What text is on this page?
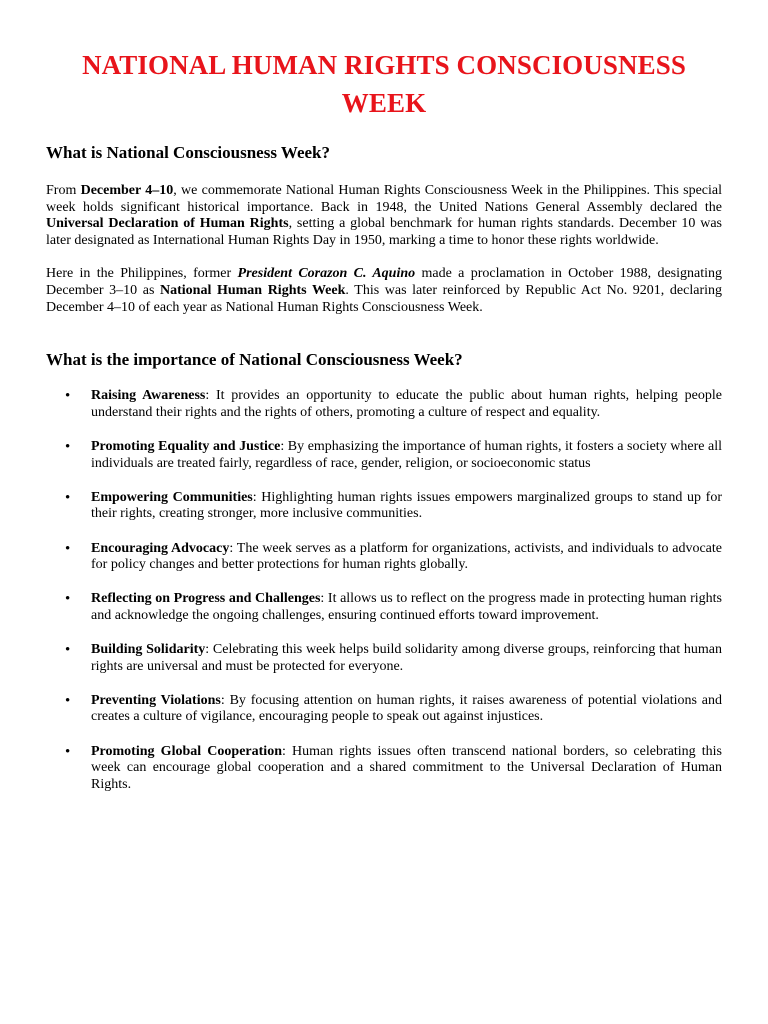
NATIONAL HUMAN RIGHTS CONSCIOUSNESS WEEK
What is National Consciousness Week?

From December 4–10, we commemorate National Human Rights Consciousness Week in the Philippines. This special week holds significant historical importance. Back in 1948, the United Nations General Assembly declared the Universal Declaration of Human Rights, setting a global benchmark for human rights standards. December 10 was later designated as International Human Rights Day in 1950, marking a time to honor these rights worldwide.

Here in the Philippines, former President Corazon C. Aquino made a proclamation in October 1988, designating December 3–10 as National Human Rights Week. This was later reinforced by Republic Act No. 9201, declaring December 4–10 of each year as National Human Rights Consciousness Week.

What is the importance of National Consciousness Week?
• Raising Awareness: It provides an opportunity to educate the public about human rights, helping people understand their rights and the rights of others, promoting a culture of respect and equality.
• Promoting Equality and Justice: By emphasizing the importance of human rights, it fosters a society where all individuals are treated fairly, regardless of race, gender, religion, or socioeconomic status
• Empowering Communities: Highlighting human rights issues empowers marginalized groups to stand up for their rights, creating stronger, more inclusive communities.
• Encouraging Advocacy: The week serves as a platform for organizations, activists, and individuals to advocate for policy changes and better protections for human rights globally.
• Reflecting on Progress and Challenges: It allows us to reflect on the progress made in protecting human rights and acknowledge the ongoing challenges, ensuring continued efforts toward improvement.
• Building Solidarity: Celebrating this week helps build solidarity among diverse groups, reinforcing that human rights are universal and must be protected for everyone.
• Preventing Violations: By focusing attention on human rights, it raises awareness of potential violations and creates a culture of vigilance, encouraging people to speak out against injustices.
• Promoting Global Cooperation: Human rights issues often transcend national borders, so celebrating this week can encourage global cooperation and a shared commitment to the Universal Declaration of Human Rights.
